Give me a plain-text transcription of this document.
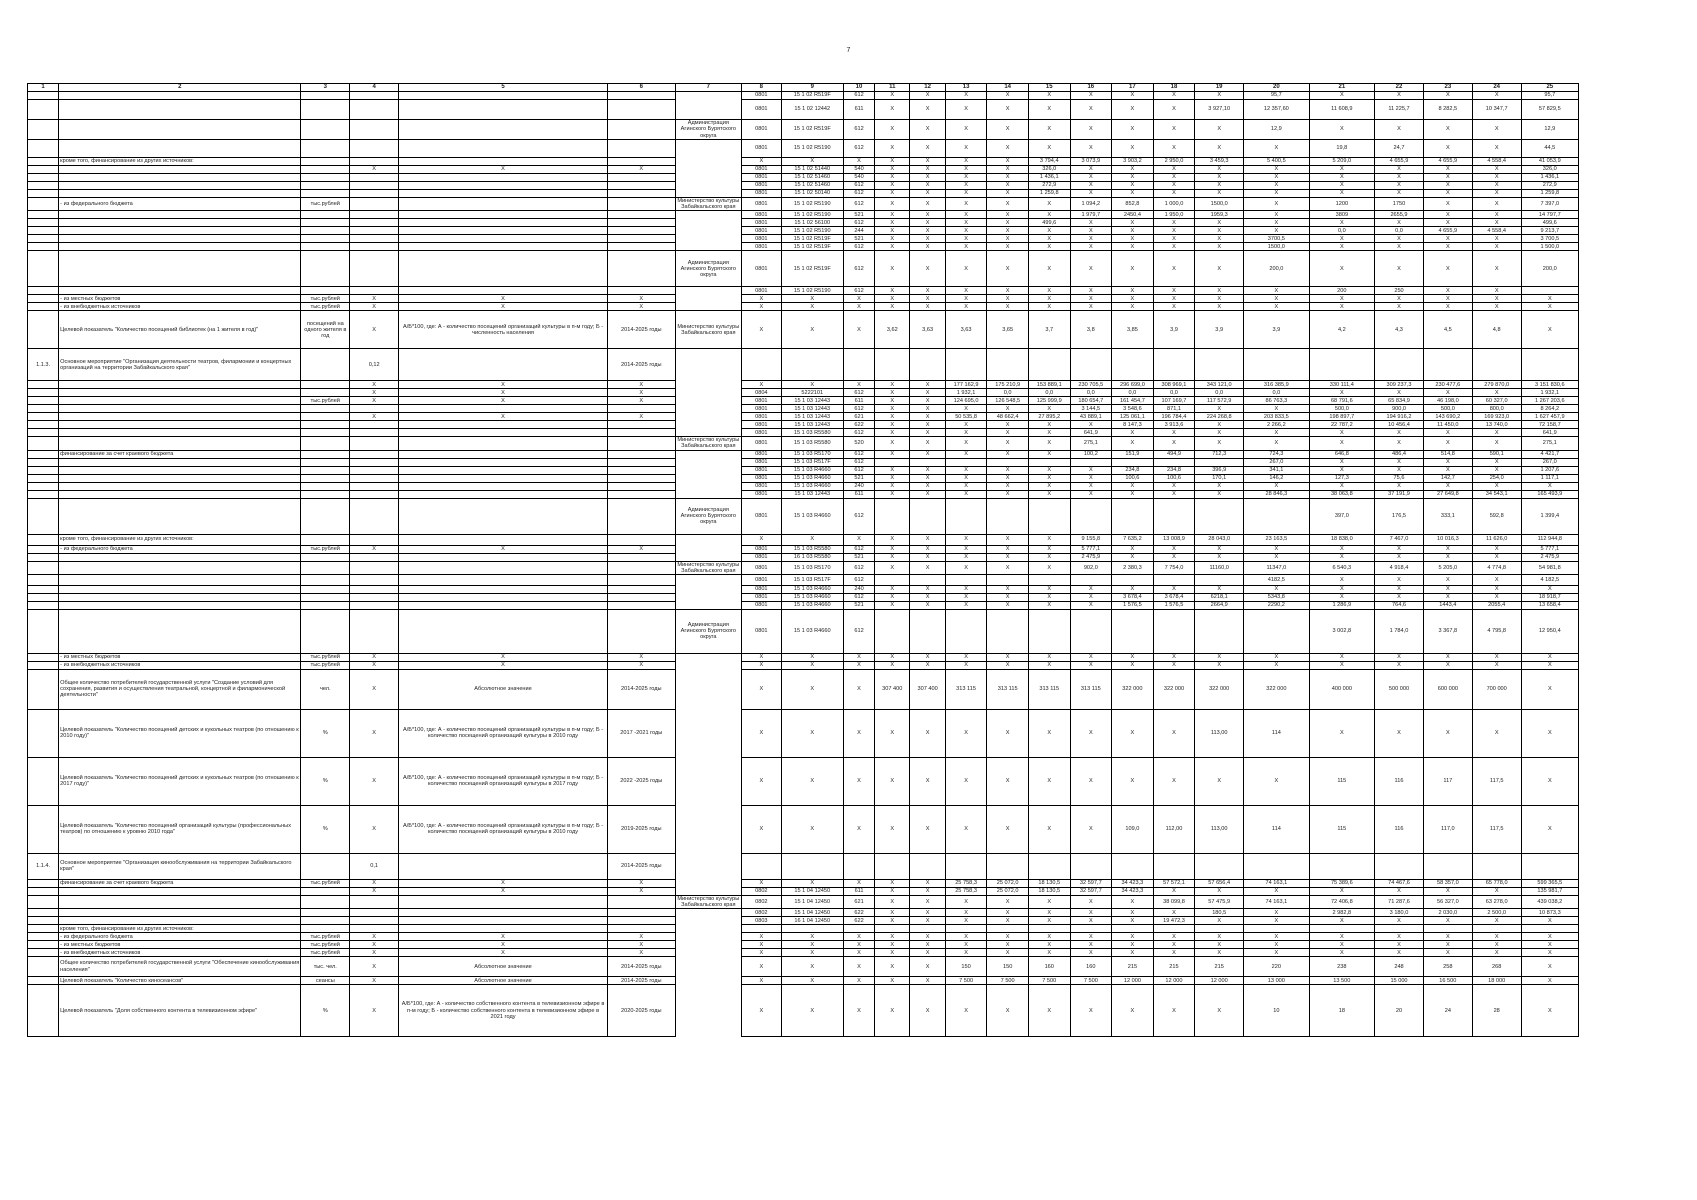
7
1	2	3	4	5	6	7	8	9	10	11	12	13	14	15	16	17	18	19	20	21	22	23	24	25
							0801	15 1 02 R519F	612	X	X	X	X	X	X	X	X	X	95,7	X	X	X	X	95,7
							0801	15 1 02 12442	611	X	X	X	X	X	X	X	X	3 927,10	12 357,60	11 608,9	11 225,7	8 282,5	10 347,7	57 829,5
						Администрация Агинского Бурятского округа	0801	15 1 02 R519F	612	X	X	X	X	X	X	X	X	X	12,9	X	X	X	X	12,9
							0801	15 1 02 R5190	612	X	X	X	X	X	X	X	X	X	X	19,8	24,7	X	X	44,5
	кроме того, финансирование из других источников:						X	X	X	X	X	X	X	3 794,4	3 073,9	3 903,2	2 950,0	3 459,3	5 400,5	5 209,0	4 655,9	4 655,9	4 558,4	41 053,9
			X	X	X		0801	15 1 02 51440	540	X	X	X	X	326,0	X	X	X	X	X	X	X	X	X	326,0
							0801	15 1 02 51460	540	X	X	X	X	1 436,1	X	X	X	X	X	X	X	X	X	1 436,1
							0801	15 1 02 51460	612	X	X	X	X	272,9	X	X	X	X	X	X	X	X	X	272,9
							0801	15 1 02 50140	612	X	X	X	X	1 259,8	X	X	X	X	X	X	X	X	X	1 259,8
	- из федерального бюджета	тыс.рублей				Министерство культуры Забайкальского края	0801	15 1 02 R5190	612	X	X	X	X	X	1 094,2	852,8	1 000,0	1500,0	X	1200	1750	X	X	7 397,0
							0801	15 1 02 R5190	521	X	X	X	X	X	1 979,7	2450,4	1 950,0	1959,3	X	3809	2655,9	X	X	14 797,7
							0801	15 1 02 56100	612	X	X	X	X	499,6	X	X	X	X	X	X	X	X	X	499,6
							0801	15 1 02 R5190	244	X	X	X	X	X	X	X	X	X	X	0,0	0,0	4 655,9	4 558,4	9 213,7
							0801	15 1 02 R519F	521	X	X	X	X	X	X	X	X	X	3700,5	X	X	X	X	3 700,5
							0801	15 1 02 R519F	612	X	X	X	X	X	X	X	X	X	1500,0	X	X	X	X	1 500,0
						Администрация Агинского Бурятского округа	0801	15 1 02 R519F	612	X	X	X	X	X	X	X	X	X	200,0	X	X	X	X	200,0
							0801	15 1 02 R5190	612	X	X	X	X	X	X	X	X	X	X	200	250	X	X	
	- из местных бюджетов	тыс.рублей	X	X	X		X	X	X	X	X	X	X	X	X	X	X	X	X	X	X	X	X	X
	- из внебюджетных источников	тыс.рублей	X	X	X		X	X	X	X	X	X	X	X	X	X	X	X	X	X	X	X	X	X
	Целевой показатель "Количество посещений библиотек (на 1 жителя в год)"	посещений на одного жителя в год	X	А/Б*100, где: А - количество посещений организаций культуры в п-м году; Б - численность населения	2014-2025 годы	Министерство культуры Забайкальского края	X	X	X	3,62	3,63	3,63	3,65	3,7	3,8	3,85	3,9	3,9	3,9	4,2	4,3	4,5	4,8	X
1.1.3.	Основное мероприятие "Организация деятельности театров, филармонии и концертных организаций на территории Забайкальского края"		0,12		2014-2025 годы																			
			X	X	X		X	X	X	X	X	177 162,9	175 210,9	153 889,1	230 705,5	296 699,0	308 969,1	343 121,0	316 385,9	330 111,4	309 237,3	230 477,6	279 870,0	3 151 830,6
			X	X	X		0804	5222101	612	X	X	1 932,1	0,0	0,0	0,0	0,0	0,0	0,0	0,0	X	X	X	X	1 932,1
		тыс.рублей	X	X	X		0801	15 1 03 12443	611	X	X	124 695,0	126 548,5	125 999,9	180 654,7	161 454,7	107 169,7	117 572,9	86 763,3	68 791,6	65 834,9	46 198,0	60 327,0	1 267 203,6
							0801	15 1 03 12443	612	X	X	X	X	X	3 144,5	3 548,6	871,1	X	X	500,0	900,0	500,0	800,0	8 264,2
			X	X	X		0801	15 1 03 12443	621	X	X	50 535,8	48 662,4	27 895,2	43 889,1	125 061,1	196 784,4	224 268,8	203 833,5	198 897,7	194 916,2	143 690,2	169 923,0	1 627 457,9
							0801	15 1 03 12443	622	X	X	X	X	X	X	8 147,3	3 913,6	X	2 266,2	22 787,2	10 456,4	11 450,0	13 740,0	72 158,7
							0801	15 1 03 R5580	612	X	X	X	X	X	641,9	X	X	X	X	X	X	X	X	641,9
						Министерство культуры Забайкальского края	0801	15 1 03 R5580	520	X	X	X	X	X	275,1	X	X	X	X	X	X	X	X	275,1
	финансирование за счет краевого бюджета						0801	15 1 03 R5170	612	X	X	X	X	X	100,2	151,9	494,9	712,3	724,3	646,8	486,4	514,8	590,1	4 421,7
							0801	15 1 03 R517F	612										267,0	X	X	X	X	267,0
							0801	15 1 03 R4660	612	X	X	X	X	X	X	234,8	234,8	396,9	341,1	X	X	X	X	1 207,6
							0801	15 1 03 R4660	521	X	X	X	X	X	X	100,6	100,6	170,1	146,2	127,3	75,6	142,7	254,0	1 117,1
							0801	15 1 03 R4660	240	X	X	X	X	X	X	X	X	X	X	X	X	X	X	X
							0801	15 1 03 12443	611	X	X	X	X	X	X	X	X	X	28 846,3	38 063,8	37 191,9	27 649,8	34 543,1	165 493,9
						Администрация Агинского Бурятского округа	0801	15 1 03 R4660	612											397,0	176,5	333,1	592,8	1 399,4
	кроме того, финансирование из других источников:						X	X	X	X	X	X	X	X	9 155,8	7 635,2	13 008,9	28 043,0	23 163,5	18 838,0	7 467,0	10 016,3	11 626,0	112 944,8
	- из федерального бюджета	тыс.рублей	X	X	X		0801	15 1 03 R5580	612	X	X	X	X	X	5 777,1	X	X	X	X	X	X	X	X	5 777,1
							0801	16 1 03 R5580	521	X	X	X	X	X	2 475,9	X	X	X	X	X	X	X	X	2 475,9
						Министерство культуры Забайкальского края	0801	15 1 03 R5170	612	X	X	X	X	X	902,0	2 380,3	7 754,0	11160,0	11347,0	6 540,3	4 918,4	5 205,0	4 774,8	54 981,8
							0801	15 1 03 R517F	612										4182,5	X	X	X	X	4 182,5
							0801	15 1 03 R4660	240	X	X	X	X	X	X	X	X	X	X	X	X	X	X	X
							0801	15 1 03 R4660	612	X	X	X	X	X	X	3 678,4	3 678,4	6218,1	5343,8	X	X	X	X	18 918,7
							0801	15 1 03 R4660	521	X	X	X	X	X	X	1 576,5	1 576,5	2664,9	2290,2	1 286,9	764,6	1443,4	2055,4	13 658,4
						Администрация Агинского Бурятского округа	0801	15 1 03 R4660	612											3 002,8	1 784,0	3 367,8	4 795,8	12 950,4
	- из местных бюджетов	тыс.рублей	X	X	X		X	X	X	X	X	X	X	X	X	X	X	X	X	X	X	X	X	X
	- из внебюджетных источников	тыс.рублей	X	X	X		X	X	X	X	X	X	X	X	X	X	X	X	X	X	X	X	X	X
	Общее количество потребителей государственной услуги "Создание условий для сохранения, развития и осуществления театральной, концертной и филармонической деятельности"	чел.	X	Абсолютное значение	2014-2025 годы		X	X	X	307 400	307 400	313 115	313 115	313 115	313 115	322 000	322 000	322 000	322 000	400 000	500 000	600 000	700 000	X
	Целевой показатель "Количество посещений детских и кукольных театров (по отношению к 2010 году)"	%	X	А/Б*100, где: А - количество посещений организаций культуры в п-м году; Б - количество посещений организаций культуры в 2010 году	2017 -2021 годы		X	X	X	X	X	X	X	X	X	X	X	113,00	114	X	X	X	X	X
	Целевой показатель "Количество посещений детских и кукольных театров (по отношению к 2017 году)"	%	X	А/Б*100, где: А - количество посещений организаций культуры в п-м году; Б - количество посещений организаций культуры в 2017 году	2022 -2025 годы		X	X	X	X	X	X	X	X	X	X	X	X	X	115	116	117	117,5	X
	Целевой показатель "Количество посещений организаций культуры (профессиональных театров) по отношению к уровню 2010 года"	%	X	А/Б*100, где: А - количество посещений организаций культуры в п-м году; Б - количество посещений организаций культуры в 2010 году	2019-2025 годы		X	X	X	X	X	X	X	X	X	109,0	112,00	113,00	114	115	116	117,0	117,5	X
1.1.4.	Основное мероприятие "Организация кинообслуживания на территории Забайкальского края"		0,1		2014-2025 годы																			
	финансирование за счет краевого бюджета	тыс.рублей	X	X	X		X	X	X	X	X	25 758,3	25 072,0	18 130,5	32 597,7	34 423,3	57 572,1	57 656,4	74 163,1	75 389,6	74 467,6	58 357,0	65 778,0	599 365,5
			X	X	X		0802	15 1 04 12450	611	X	X	25 758,3	25 072,0	18 130,5	32 597,7	34 423,3	X	X	X	X	X	X	X	135 981,7
						Министерство культуры Забайкальского края	0802	15 1 04 12450	621	X	X	X	X	X	X	X	38 099,8	57 475,9	74 163,1	72 406,8	71 287,6	56 327,0	63 278,0	439 038,2
							0802	15 1 04 12450	622	X	X	X	X	X	X	X	X	180,5	X	2 982,8	3 180,0	2 030,0	2 500,0	10 873,3
							0803	16 1 04 12450	622	X	X	X	X	X	X	X	19 472,3	X	X	X	X	X	X	X
	кроме того, финансирование из других источников:																							
	- из федерального бюджета	тыс.рублей	X	X	X		X	X	X	X	X	X	X	X	X	X	X	X	X	X	X	X	X	X
	- из местных бюджетов	тыс.рублей	X	X	X		X	X	X	X	X	X	X	X	X	X	X	X	X	X	X	X	X	X
	- из внебюджетных источников	тыс.рублей	X	X	X		X	X	X	X	X	X	X	X	X	X	X	X	X	X	X	X	X	X
	Общее количество потребителей государственной услуги "Обеспечение кинообслуживания населения"	тыс. чел.	X	Абсолютное значение	2014-2025 годы		X	X	X	X	X	150	150	160	160	215	215	215	220	238	248	258	268	X
	Целевой показатель "Количество киносеансов"	сеансы	X	Абсолютное значение	2014-2025 годы		X	X	X	X	X	7 500	7 500	7 500	7 500	12 000	12 000	12 000	13 000	13 500	15 000	16 500	18 000	X
	Целевой показатель "Доля собственного контента в телевизионном эфире"	%	X	А/Б*100, где: А - количество собственного контента в телевизионном эфире в п-м году; Б - количество собственного контента в телевизионном эфире в 2021 году	2020-2025 годы		X	X	X	X	X	X	X	X	X	X	X	X	10	18	20	24	28	X
